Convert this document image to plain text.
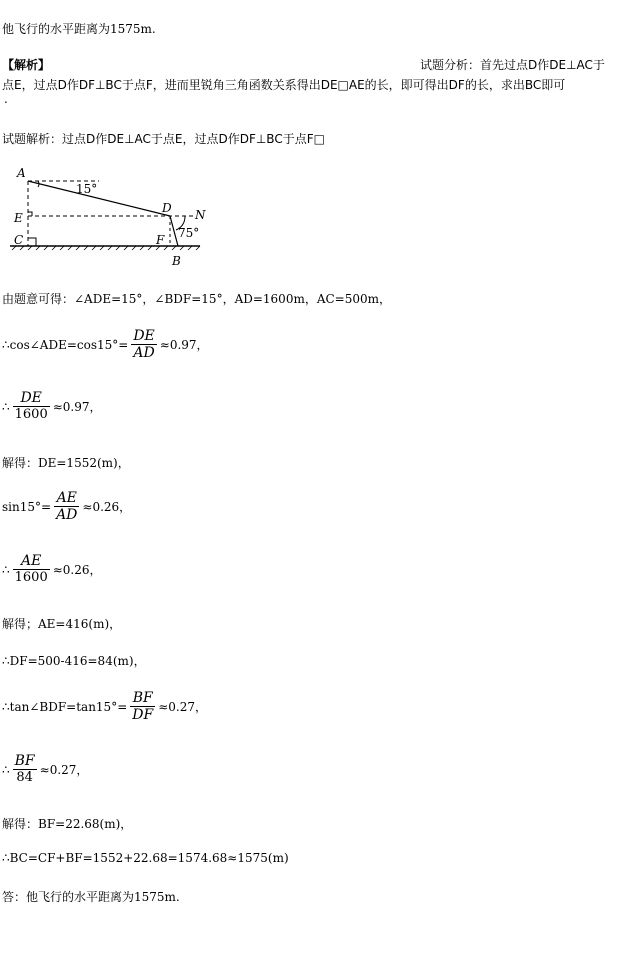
他飞行的水平距离为1575m.
【解析】	试题分析：首先过点D作DE⊥AC于
点E，过点D作DF⊥BC于点F，进而里锐角三角函数关系得出DE□AE的长，即可得出DF的长，求出BC即可
.
试题解析：过点D作DE⊥AC于点E，过点D作DF⊥BC于点F□
A
D N
E
C	F
B
15°
75°
由题意可得：∠ADE=15°，∠BDF=15°，AD=1600m，AC=500m，
∴cos∠ADE=cos15°= $\frac{DE}{AD} \approx 0.97$，
∴ $\frac{DE}{1600} \approx 0.97$，
解得：DE=1552(m)，
$\sin 15^\circ= \frac{AE}{AD} \approx 0.26$，
∴ $\frac{AE}{1600} \approx 0.26$，
解得；AE=416(m)，
∴DF=500-416=84(m)，
∴tan∠BDF=tan15°= $\frac{BF}{DF} \approx 0.27$，
∴ $\frac{BF}{84} \approx 0.27$，
解得：BF=22.68(m)，
∴BC=CF+BF=1552+22.68=1574.68≈1575(m)
答：他飞行的水平距离为1575m.
